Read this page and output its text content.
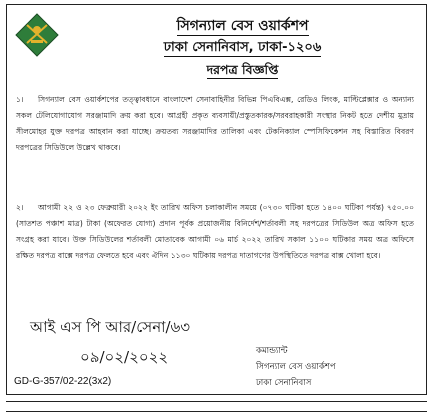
সিগন্যাল বেস ওয়ার্কশপ
ঢাকা সেনানিবাস, ঢাকা-১২০৬
দরপত্র বিজ্ঞপ্তি
১। সিগন্যাল বেস ওয়ার্কশপের তত্ত্বাবধানে বাংলাদেশ সেনাবাহিনীর বিভিন্ন পিএবিএক্স, রেডিও লিংক, মাল্টিপ্লেক্সার ও অন্যান্য সকল টেলিযোগাযোগ সরঞ্জামাদি ক্রয় করা হবে। আগ্রহী প্রকৃত ব্যবসায়ী/প্রস্তুতকারক/সরবরাহকারী সংস্থার নিকট হতে দেশীয় মুদ্রায় সীলমোহর যুক্ত দরপত্র আহবান করা যাচ্ছে। ক্রয়তব্য সরঞ্জামাদির তালিকা এবং টেকনিক্যাল স্পেসিফিকেশন সহ বিস্তারিত বিবরণ দরপত্রের সিডিউলে উল্লেখ থাকবে।
২। আগামী ২২ ও ২৩ ফেব্রুয়ারী ২০২২ ইং তারিখ অফিস চলাকালীন সময়ে (০৭৩০ ঘটিকা হতে ১৪০০ ঘটিকা পর্যন্ত) ৭৫০.০০ (সাতশত পঞ্চাশ মাত্র) টাকা (অফেরত যোগ্য) প্রদান পূর্বক প্রয়োজনীয় বিনির্দেশ/শর্তাবলী সহ দরপত্রের সিডিউল অত্র অফিস হতে সংগ্রহ করা যাবে। উক্ত সিডিউলের শর্তাবলী মোতাবেক আগামী ০৬ মার্চ ২০২২ তারিখ সকাল ১১০০ ঘটিকার সময় অত্র অফিসে রক্ষিত দরপত্র বাক্সে দরপত্র ফেলতে হবে এবং ঐদিন ১১৩০ ঘটিকায় দরপত্র দাতাগণের উপস্থিতিতে দরপত্র বাক্স খোলা হবে।
আই এস পি আর/সেনা/৬৩
০৯/০২/২০২২	কমান্ড্যান্ট
সিগন্যাল বেস ওয়ার্কশপ
ঢাকা সেনানিবাস
GD-G-357/02-22(3x2)
